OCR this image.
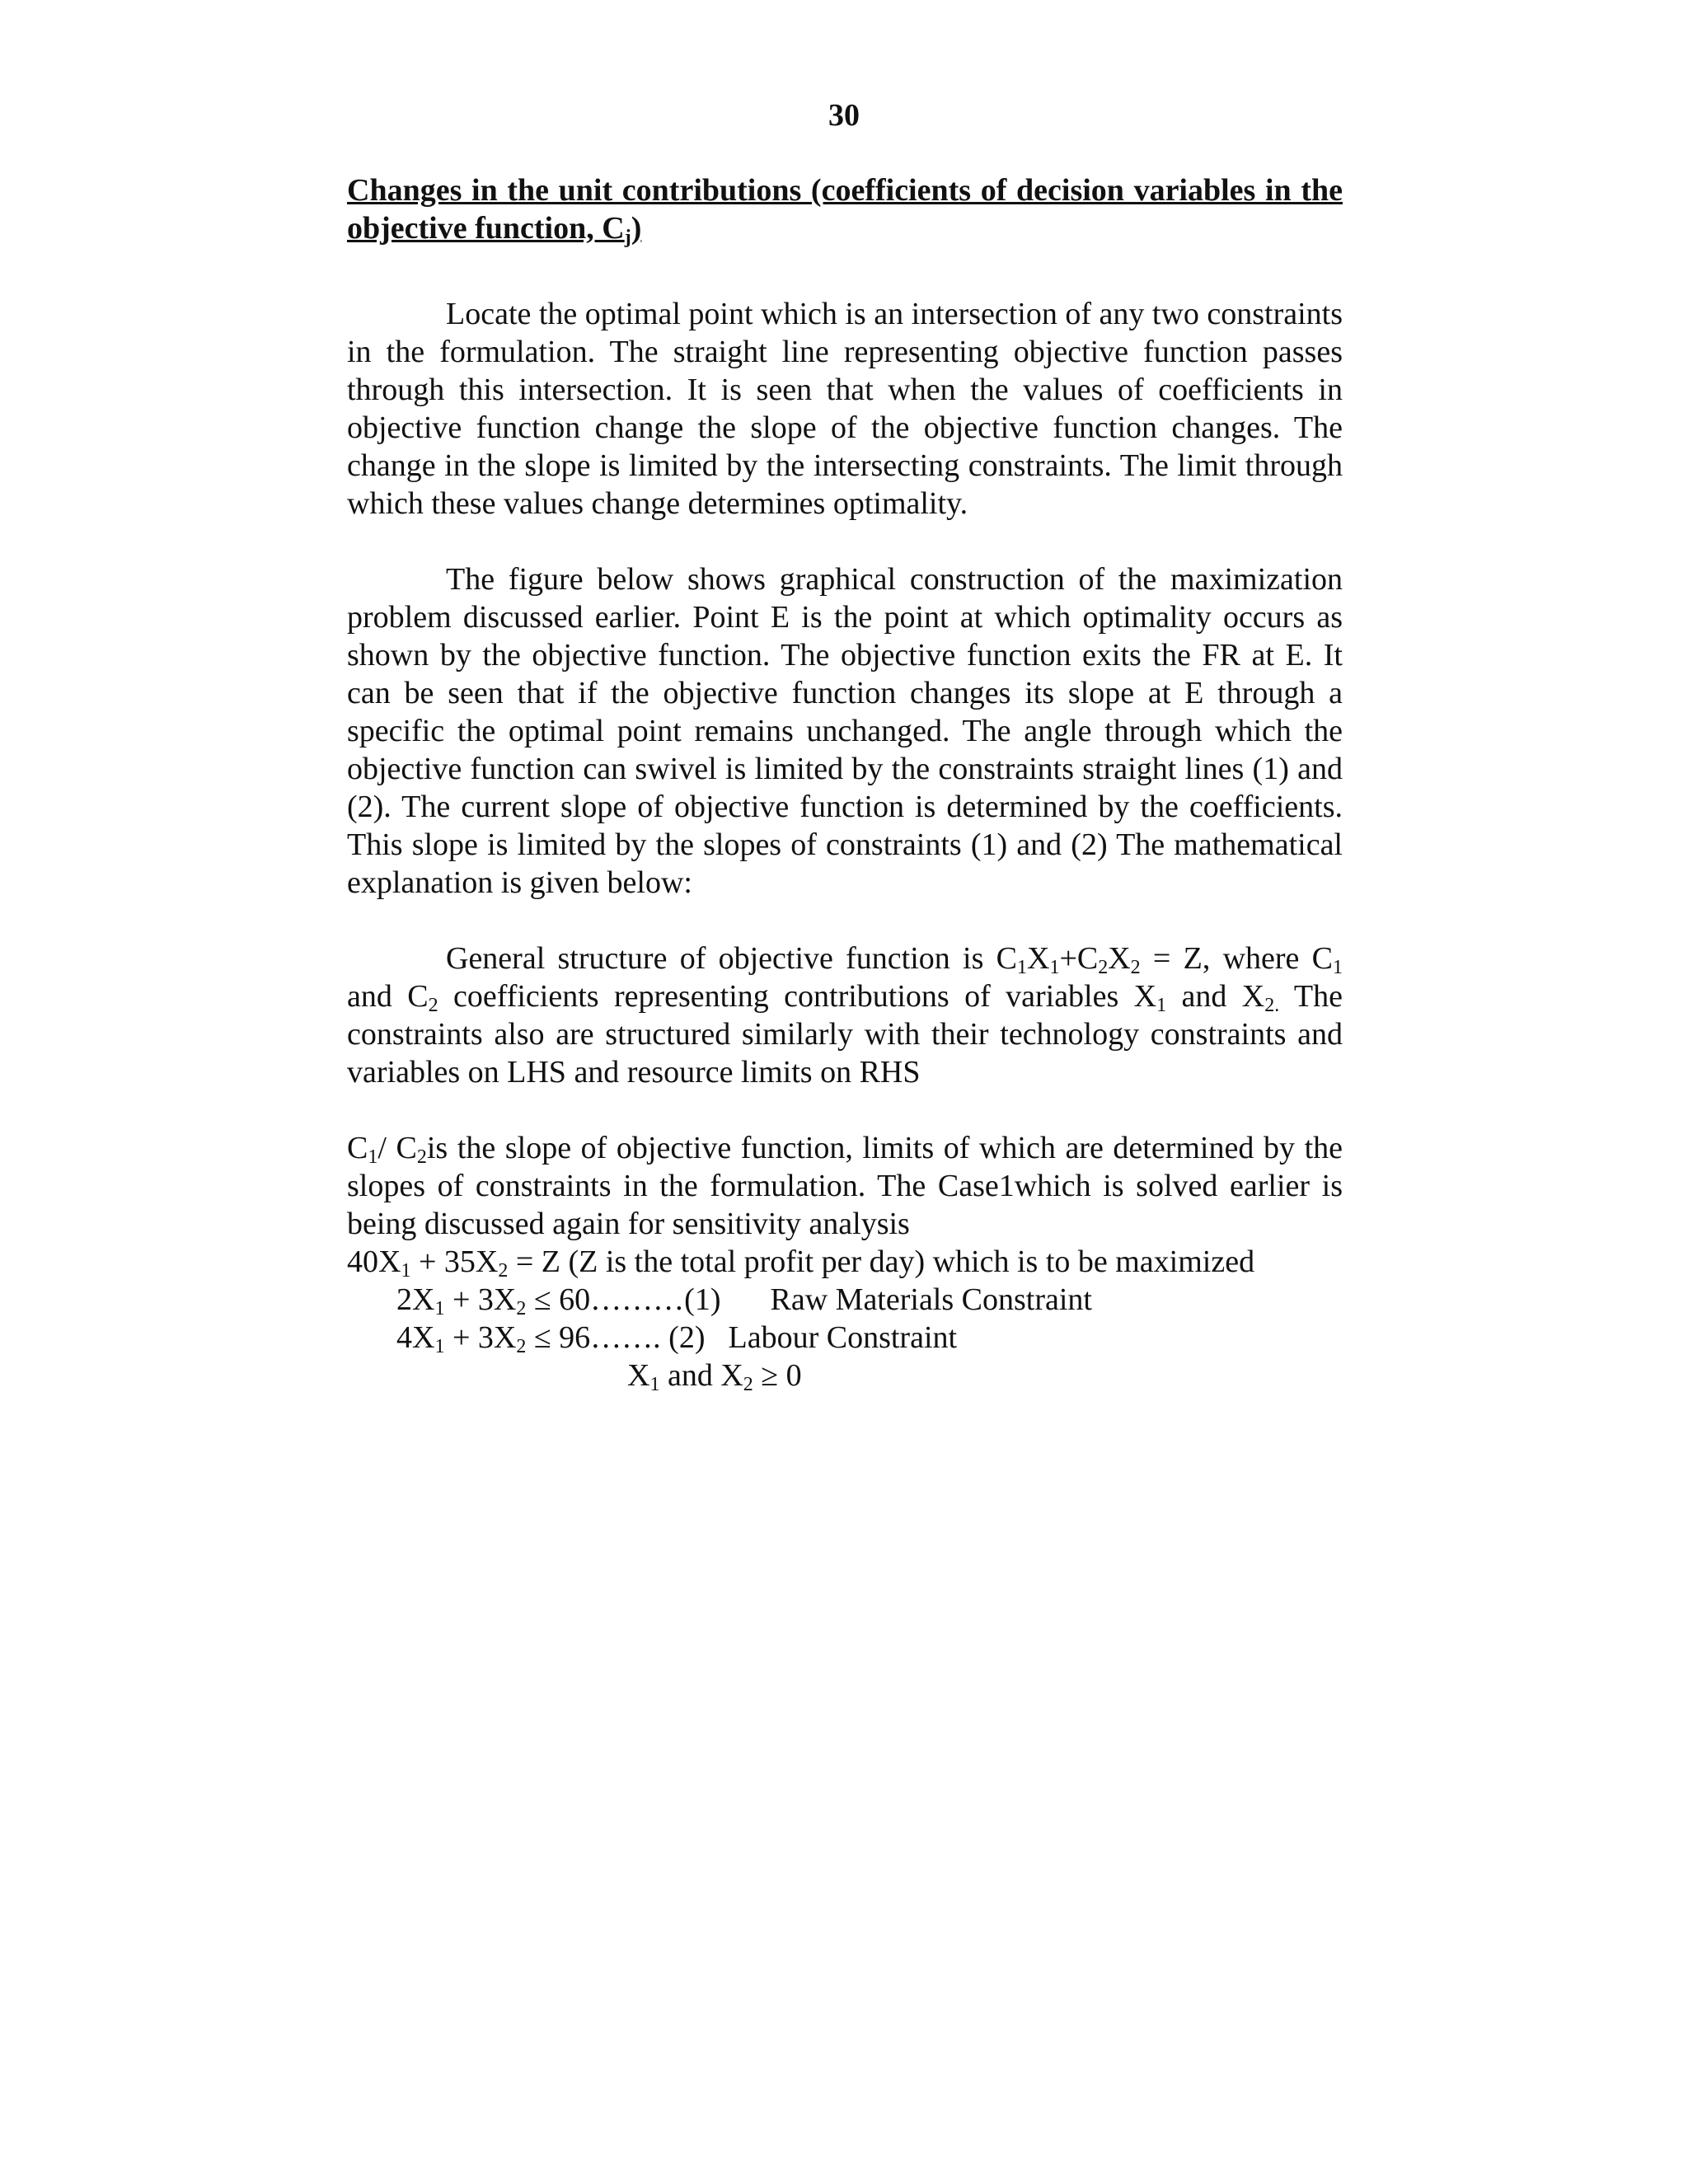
30

Changes in the unit contributions (coefficients of decision variables in the objective function, $C_j$)

Locate the optimal point which is an intersection of any two constraints in the formulation. The straight line representing objective function passes through this intersection. It is seen that when the values of coefficients in objective function change the slope of the objective function changes. The change in the slope is limited by the intersecting constraints. The limit through which these values change determines optimality.

The figure below shows graphical construction of the maximization problem discussed earlier. Point E is the point at which optimality occurs as shown by the objective function. The objective function exits the FR at E. It can be seen that if the objective function changes its slope at E through a specific the optimal point remains unchanged. The angle through which the objective function can swivel is limited by the constraints straight lines (1) and (2). The current slope of objective function is determined by the coefficients. This slope is limited by the slopes of constraints (1) and (2) The mathematical explanation is given below:

General structure of objective function is $C_1X_1+C_2X_2 = Z$, where $C_1$ and $C_2$ coefficients representing contributions of variables $X_1$ and $X_{2.}$ The constraints also are structured similarly with their technology constraints and variables on LHS and resource limits on RHS

$C_1/$ $C_2is$ the slope of objective function, limits of which are determined by the slopes of constraints in the formulation. The Case1which is solved earlier is being discussed again for sensitivity analysis

$40X_1 + 35X_2 = Z$ (Z is the total profit per day) which is to be maximized

$2X_1 + 3X_2$ ≤ 60………(1) Raw Materials Constraint

$4X_1 + 3X_2$ ≤ 96……. (2) Labour Constraint

$X_1$ and $X_2 \ge 0$
